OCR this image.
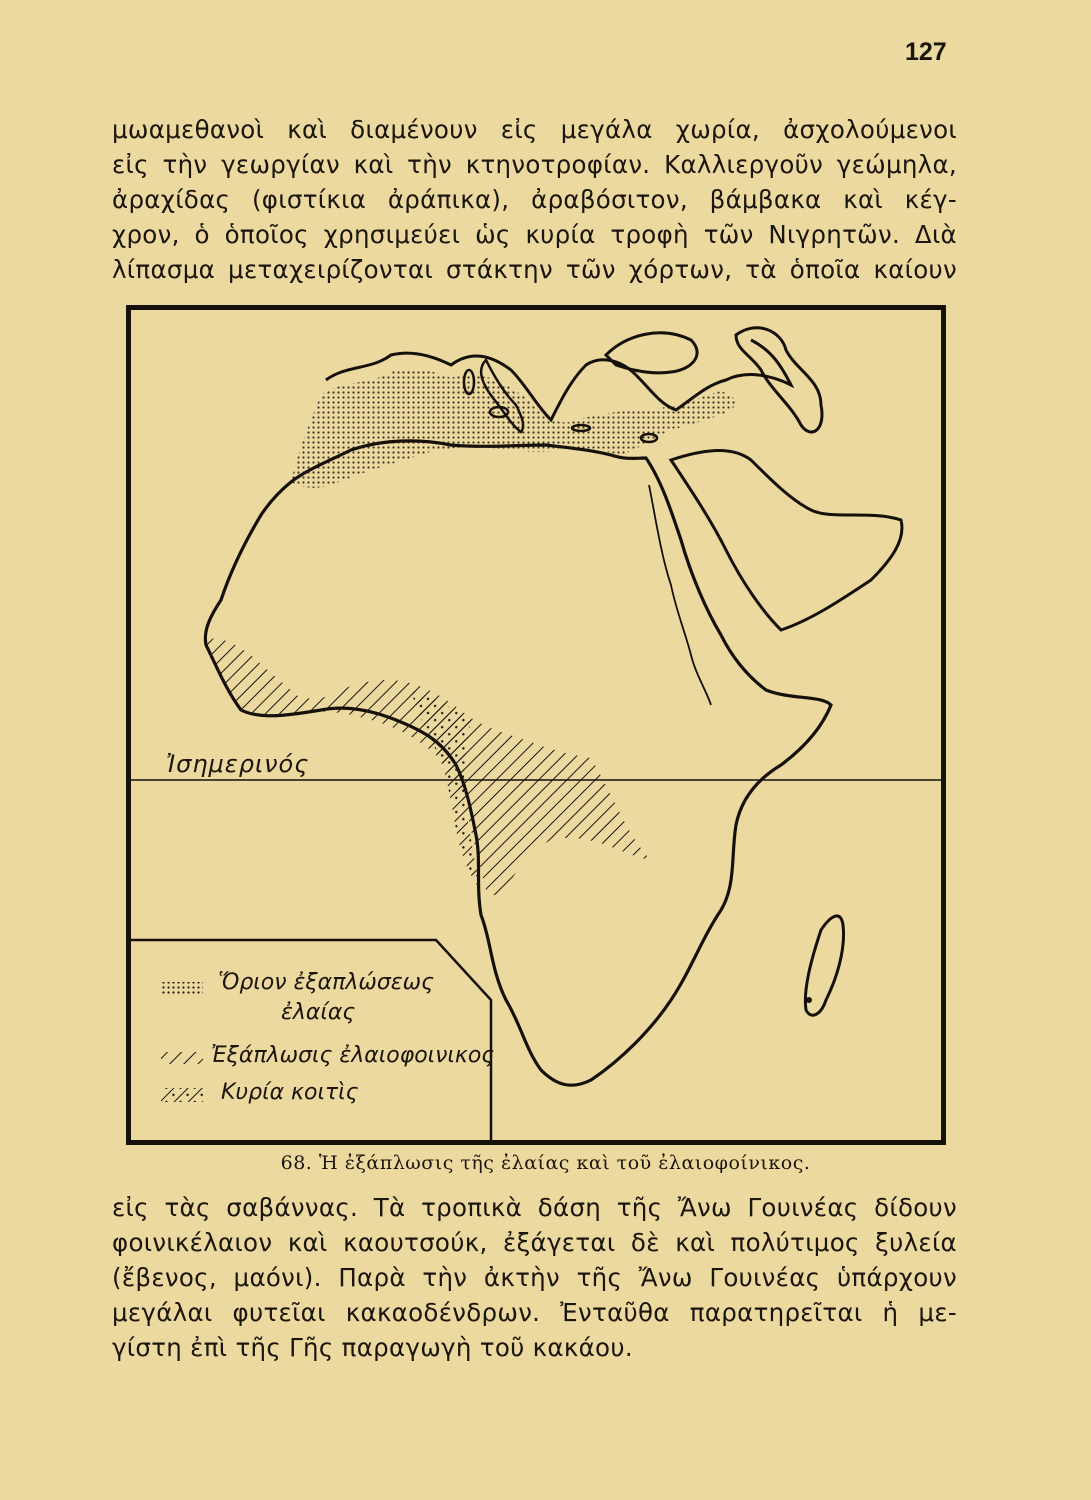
127

μωαμεθανοὶ καὶ διαμένουν εἰς μεγάλα χωρία, ἀσχολούμενοι

εἰς τὴν γεωργίαν καὶ τὴν κτηνοτροφίαν. Καλλιεργοῦν γεώμηλα,

ἀραχίδας (φιστίκια ἀράπικα), ἀραβόσιτον, βάμβακα καὶ κέγ-

χρον, ὁ ὁποῖος χρησιμεύει ὡς κυρία τροφὴ τῶν Νιγρητῶν. Διὰ

λίπασμα μεταχειρίζονται στάκτην τῶν χόρτων, τὰ ὁποῖα καίουν

Ἰσημερινός
Ὅριον ἐξαπλώσεως
ἐλαίας
Ἐξάπλωσις ἐλαιοφοινικος
Κυρία κοιτὶς
68. Ἡ ἐξάπλωσις τῆς ἐλαίας καὶ τοῦ ἐλαιοφοίνικος.

εἰς τὰς σαβάννας. Τὰ τροπικὰ δάση τῆς Ἄνω Γουινέας δίδουν

φοινικέλαιον καὶ καουτσούκ, ἐξάγεται δὲ καὶ πολύτιμος ξυλεία

(ἔβενος, μαόνι). Παρὰ τὴν ἀκτὴν τῆς Ἄνω Γουινέας ὑπάρχουν

μεγάλαι φυτεῖαι κακαοδένδρων. Ἐνταῦθα παρατηρεῖται ἡ με-

γίστη ἐπὶ τῆς Γῆς παραγωγὴ τοῦ κακάου.
